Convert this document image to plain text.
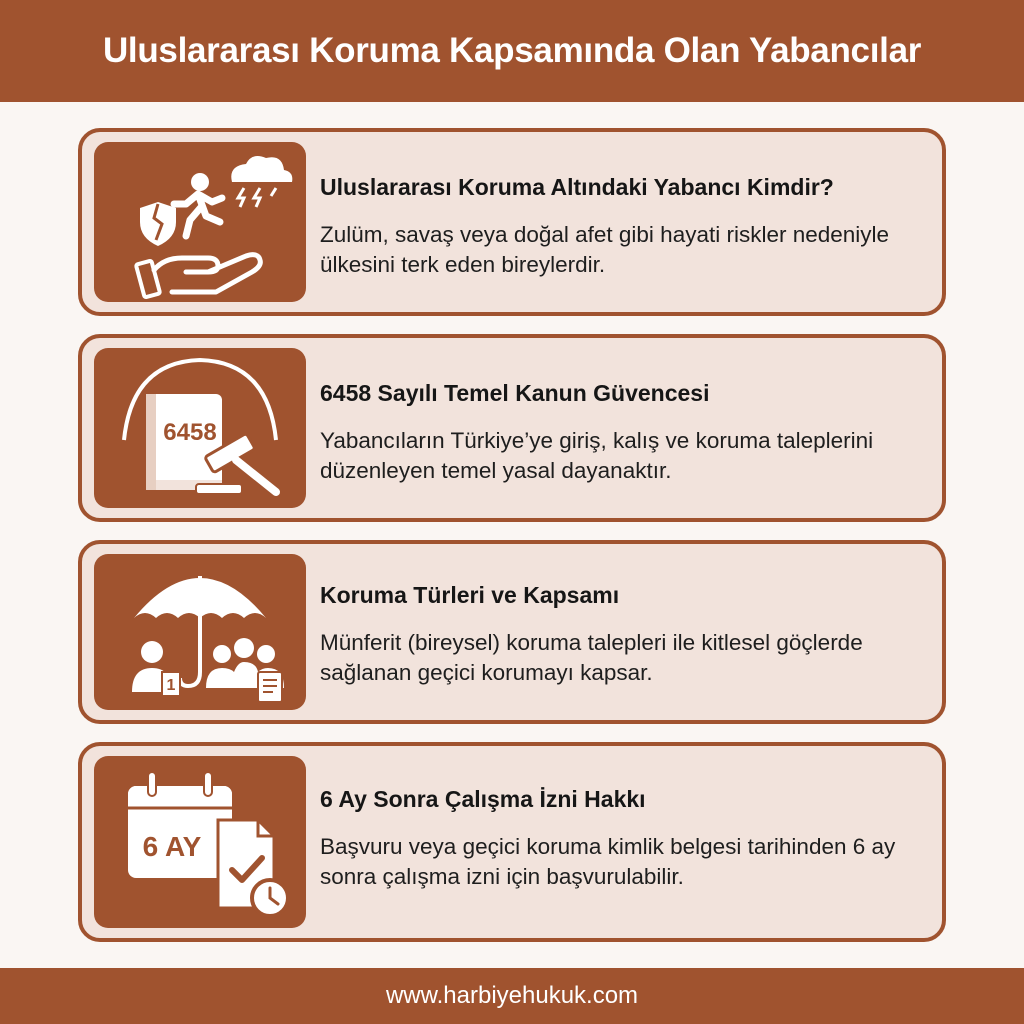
Uluslararası Koruma Kapsamında Olan Yabancılar
Uluslararası Koruma Altındaki Yabancı Kimdir?
Zulüm, savaş veya doğal afet gibi hayati riskler nedeniyle ülkesini terk eden bireylerdir.
6458
6458 Sayılı Temel Kanun Güvencesi
Yabancıların Türkiye’ye giriş, kalış ve koruma taleplerini düzenleyen temel yasal dayanaktır.
1
Koruma Türleri ve Kapsamı
Münferit (bireysel) koruma talepleri ile kitlesel göçlerde sağlanan geçici korumayı kapsar.
6 AY
6 Ay Sonra Çalışma İzni Hakkı
Başvuru veya geçici koruma kimlik belgesi tarihinden 6 ay sonra çalışma izni için başvurulabilir.
www.harbiyehukuk.com
